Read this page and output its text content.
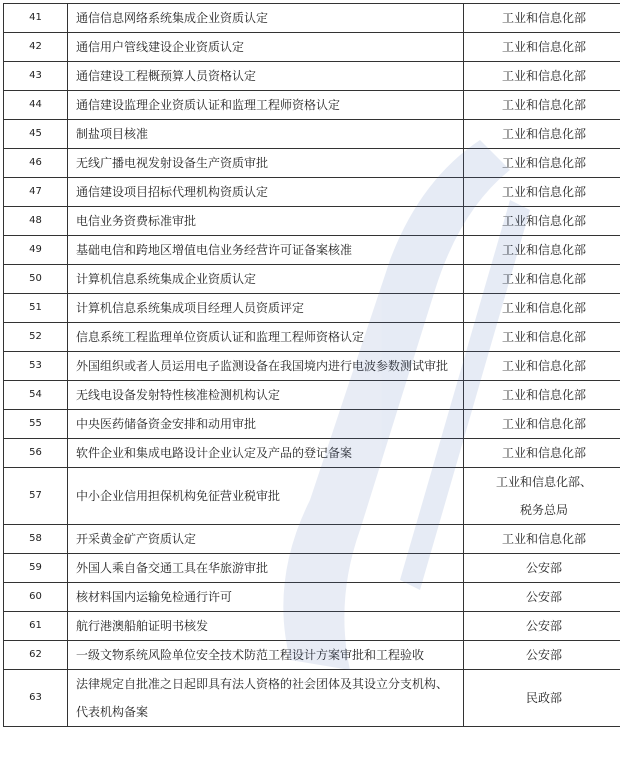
41	通信信息网络系统集成企业资质认定	工业和信息化部
42	通信用户管线建设企业资质认定	工业和信息化部
43	通信建设工程概预算人员资格认定	工业和信息化部
44	通信建设监理企业资质认证和监理工程师资格认定	工业和信息化部
45	制盐项目核准	工业和信息化部
46	无线广播电视发射设备生产资质审批	工业和信息化部
47	通信建设项目招标代理机构资质认定	工业和信息化部
48	电信业务资费标准审批	工业和信息化部
49	基础电信和跨地区增值电信业务经营许可证备案核准	工业和信息化部
50	计算机信息系统集成企业资质认定	工业和信息化部
51	计算机信息系统集成项目经理人员资质评定	工业和信息化部
52	信息系统工程监理单位资质认证和监理工程师资格认定	工业和信息化部
53	外国组织或者人员运用电子监测设备在我国境内进行电波参数测试审批	工业和信息化部
54	无线电设备发射特性核准检测机构认定	工业和信息化部
55	中央医药储备资金安排和动用审批	工业和信息化部
56	软件企业和集成电路设计企业认定及产品的登记备案	工业和信息化部
57	中小企业信用担保机构免征营业税审批	工业和信息化部、税务总局
58	开采黄金矿产资质认定	工业和信息化部
59	外国人乘自备交通工具在华旅游审批	公安部
60	核材料国内运输免检通行许可	公安部
61	航行港澳船舶证明书核发	公安部
62	一级文物系统风险单位安全技术防范工程设计方案审批和工程验收	公安部
63	法律规定自批准之日起即具有法人资格的社会团体及其设立分支机构、代表机构备案	民政部
